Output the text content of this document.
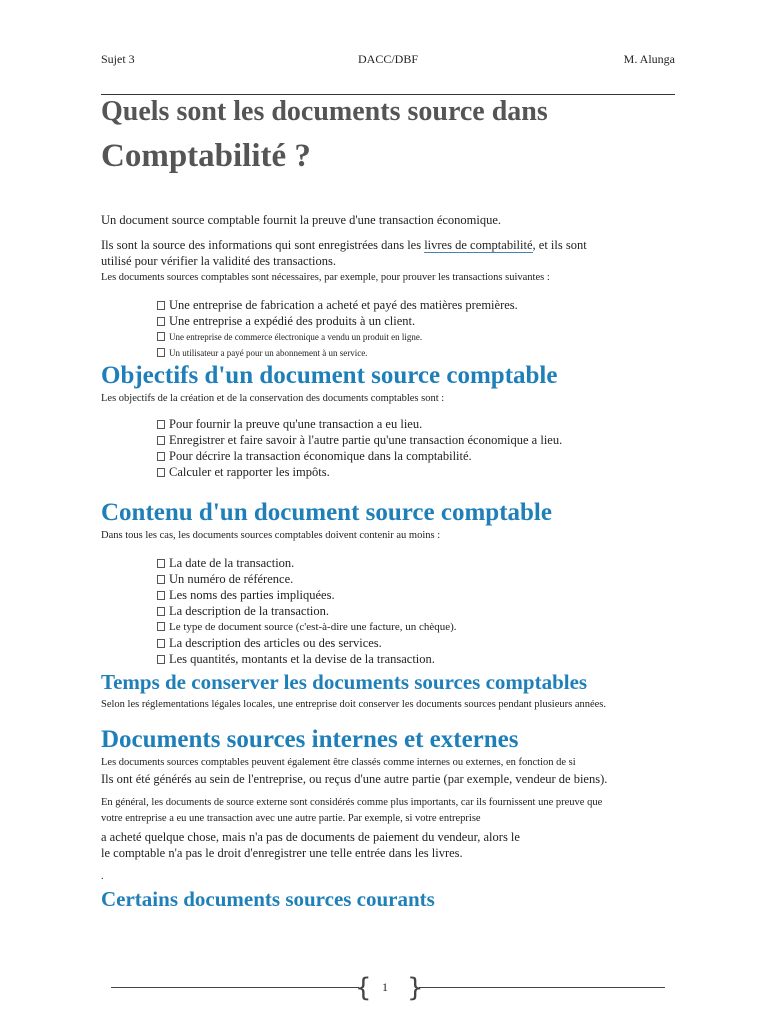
Sujet 3	DACC/DBF	M. Alunga
Quels sont les documents source dans
Comptabilité ?
Un document source comptable fournit la preuve d'une transaction économique.
Ils sont la source des informations qui sont enregistrées dans les livres de comptabilité, et ils sont
utilisé pour vérifier la validité des transactions.
Les documents sources comptables sont nécessaires, par exemple, pour prouver les transactions suivantes :
Une entreprise de fabrication a acheté et payé des matières premières.
Une entreprise a expédié des produits à un client.
Une entreprise de commerce électronique a vendu un produit en ligne.
Un utilisateur a payé pour un abonnement à un service.
Objectifs d'un document source comptable
Les objectifs de la création et de la conservation des documents comptables sont :
Pour fournir la preuve qu'une transaction a eu lieu.
Enregistrer et faire savoir à l'autre partie qu'une transaction économique a lieu.
Pour décrire la transaction économique dans la comptabilité.
Calculer et rapporter les impôts.
Contenu d'un document source comptable
Dans tous les cas, les documents sources comptables doivent contenir au moins :
La date de la transaction.
Un numéro de référence.
Les noms des parties impliquées.
La description de la transaction.
Le type de document source (c'est-à-dire une facture, un chèque).
La description des articles ou des services.
Les quantités, montants et la devise de la transaction.
Temps de conserver les documents sources comptables
Selon les réglementations légales locales, une entreprise doit conserver les documents sources pendant plusieurs années.
Documents sources internes et externes
Les documents sources comptables peuvent également être classés comme internes ou externes, en fonction de si
Ils ont été générés au sein de l'entreprise, ou reçus d'une autre partie (par exemple, vendeur de biens).
En général, les documents de source externe sont considérés comme plus importants, car ils fournissent une preuve que
votre entreprise a eu une transaction avec une autre partie. Par exemple, si votre entreprise
a acheté quelque chose, mais n'a pas de documents de paiement du vendeur, alors le
le comptable n'a pas le droit d'enregistrer une telle entrée dans les livres.
.
Certains documents sources courants
{ 1 }
